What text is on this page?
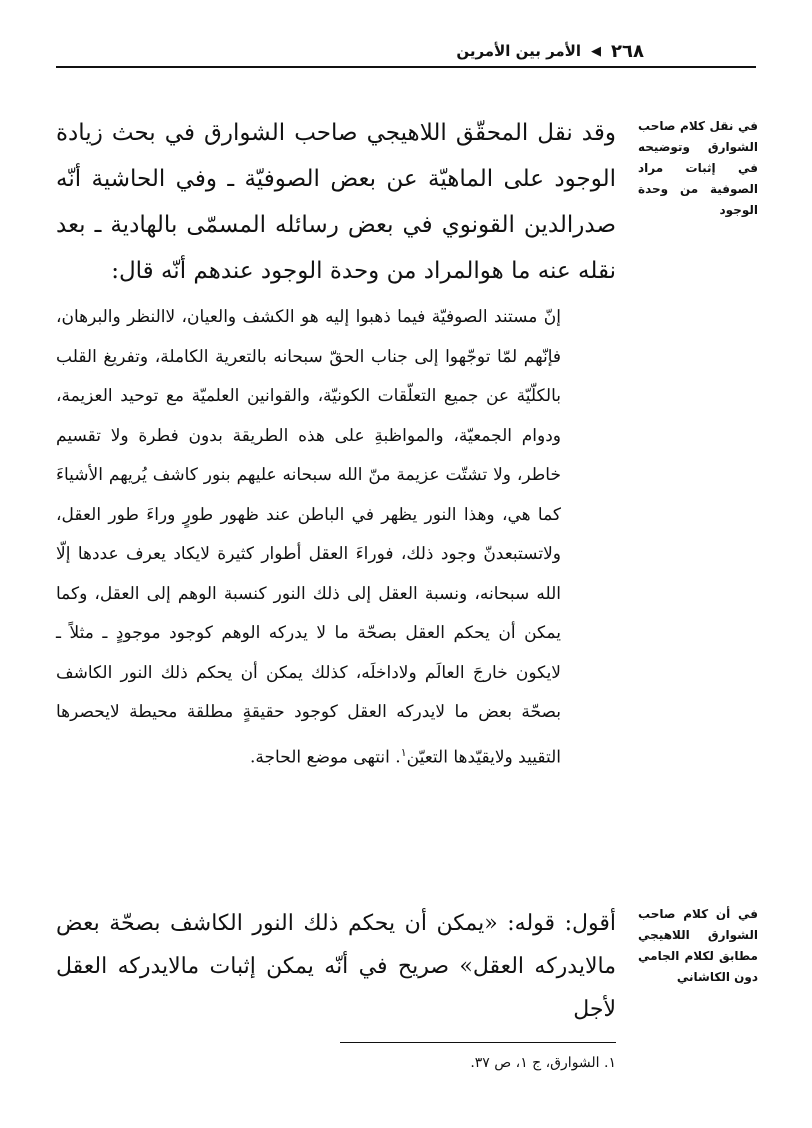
٢٦٨
◀
الأمر بين الأمرين
في نقل كلام صاحب الشوارق وتوضيحه في إثبات مراد الصوفية من وحدة الوجود
في أن كلام صاحب الشوارق اللاهيجي مطابق لكلام الجامي دون الكاشاني

وقد نقل المحقّق اللاهيجي صاحب الشوارق في بحث زيادة الوجود على الماهيّة عن بعض الصوفيّة ـ وفي الحاشية أنّه صدرالدين القونوي في بعض رسائله المسمّى بالهادية ـ بعد نقله عنه ما هوالمراد من وحدة الوجود عندهم أنّه قال:

إنّ مستند الصوفيّة فيما ذهبوا إليه هو الكشف والعيان، لاالنظر والبرهان، فإنّهم لمّا توجّهوا إلى جناب الحقّ سبحانه بالتعرية الكاملة، وتفريغ القلب بالكلّيّة عن جميع التعلّقات الكونيّة، والقوانين العلميّة مع توحيد العزيمة، ودوام الجمعيّة، والمواظبةِ على هذه الطريقة بدون فطرة ولا تقسيم خاطر، ولا تشتّت عزيمة منّ الله سبحانه عليهم بنور كاشف يُريهم الأشياءَ كما هي، وهذا النور يظهر في الباطن عند ظهور طورٍ وراءَ طور العقل، ولاتستبعدنّ وجود ذلك، فوراءَ العقل أطوار كثيرة لايكاد يعرف عددها إلّا الله سبحانه، ونسبة العقل إلى ذلك النور كنسبة الوهم إلى العقل، وكما يمكن أن يحكم العقل بصحّة ما لا يدركه الوهم كوجود موجودٍ ـ مثلاً ـ لايكون خارجَ العالَم ولاداخلَه، كذلك يمكن أن يحكم ذلك النور الكاشف بصحّة بعض ما لايدركه العقل كوجود حقيقةٍ مطلقة محيطة لايحصرها التقييد ولايقيّدها التعيّن$^١$. انتهى موضع الحاجة.

أقول: قوله: «يمكن أن يحكم ذلك النور الكاشف بصحّة بعض مالايدركه العقل» صريح في أنّه يمكن إثبات مالايدركه العقل لأجل

١. الشوارق، ج ١، ص ٣٧.
